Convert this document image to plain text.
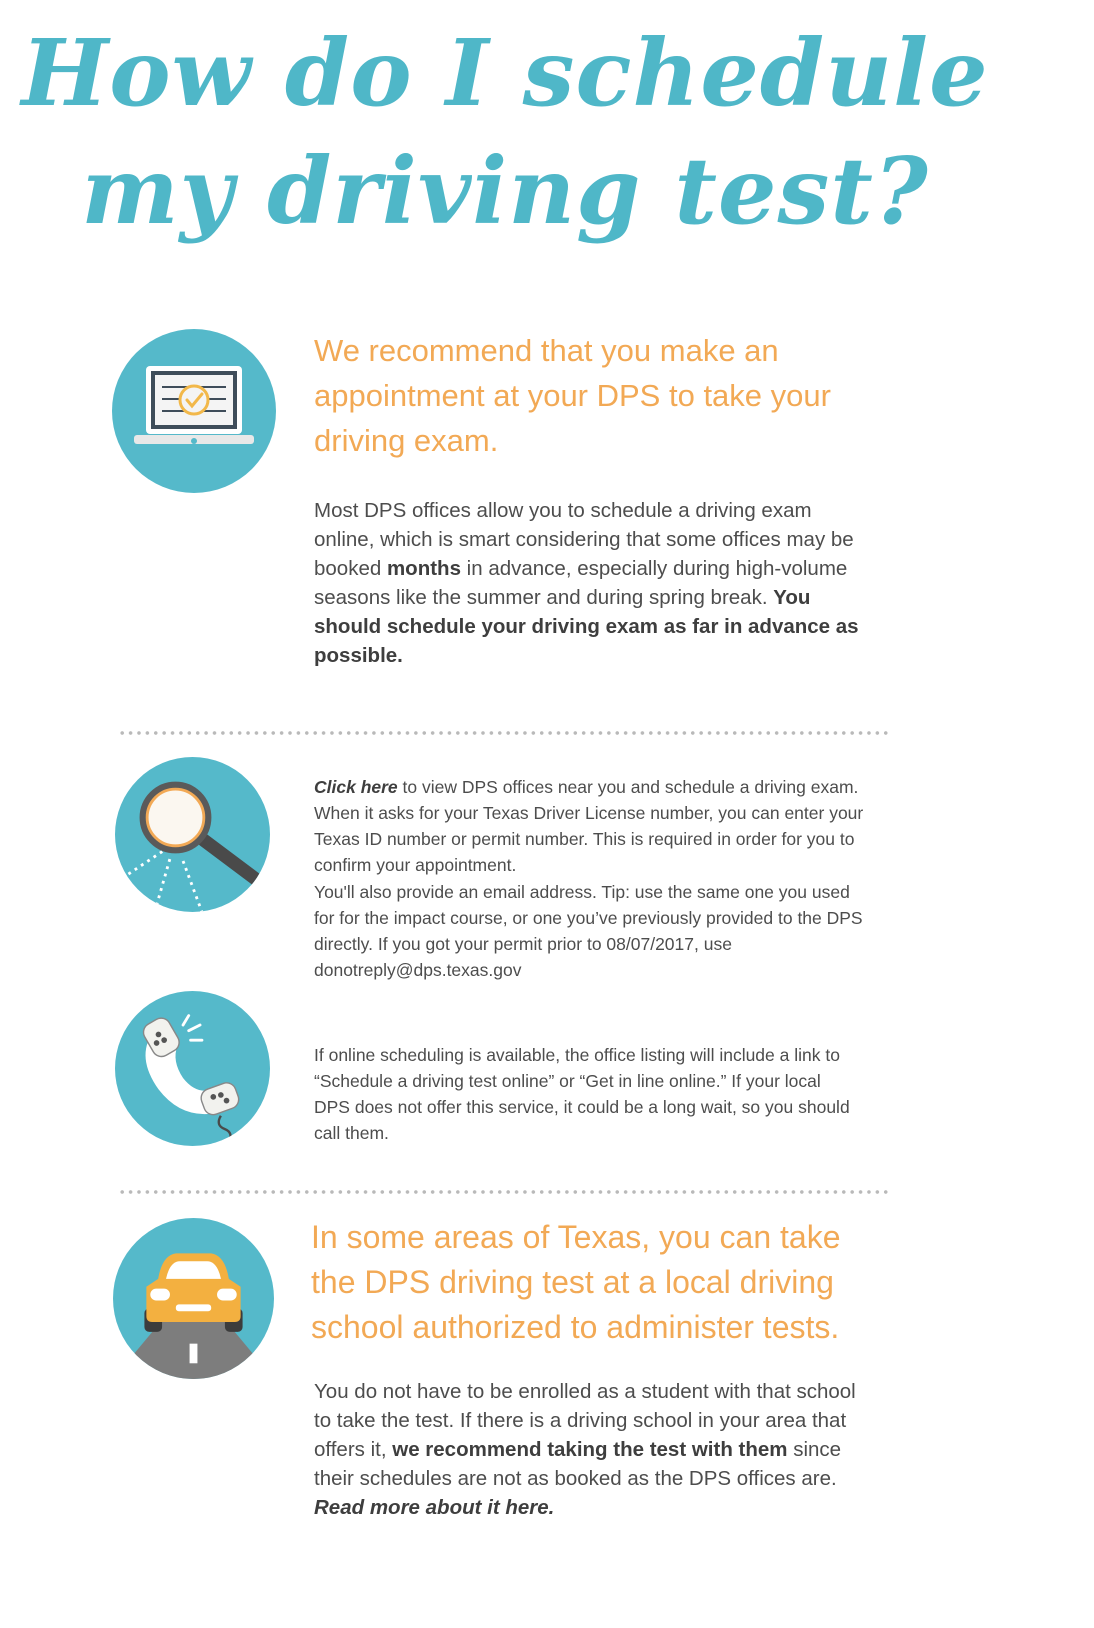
How do I schedule
my driving test?
We recommend that you make an appointment at your DPS to take your driving exam.

Most DPS offices allow you to schedule a driving exam online, which is smart considering that some offices may be booked months in advance, especially during high-volume seasons like the summer and during spring break. You should schedule your driving exam as far in advance as possible.

Click here to view DPS offices near you and schedule a driving exam. When it asks for your Texas Driver License number, you can enter your Texas ID number or permit number. This is required in order for you to confirm your appointment.

You'll also provide an email address. Tip: use the same one you used for for the impact course, or one you’ve previously provided to the DPS directly. If you got your permit prior to 08/07/2017, use donotreply@dps.texas.gov

If online scheduling is available, the office listing will include a link to “Schedule a driving test online” or “Get in line online.” If your local DPS does not offer this service, it could be a long wait, so you should call them.

In some areas of Texas, you can take the DPS driving test at a local driving school authorized to administer tests.

You do not have to be enrolled as a student with that school to take the test. If there is a driving school in your area that offers it, we recommend taking the test with them since their schedules are not as booked as the DPS offices are. Read more about it here.
